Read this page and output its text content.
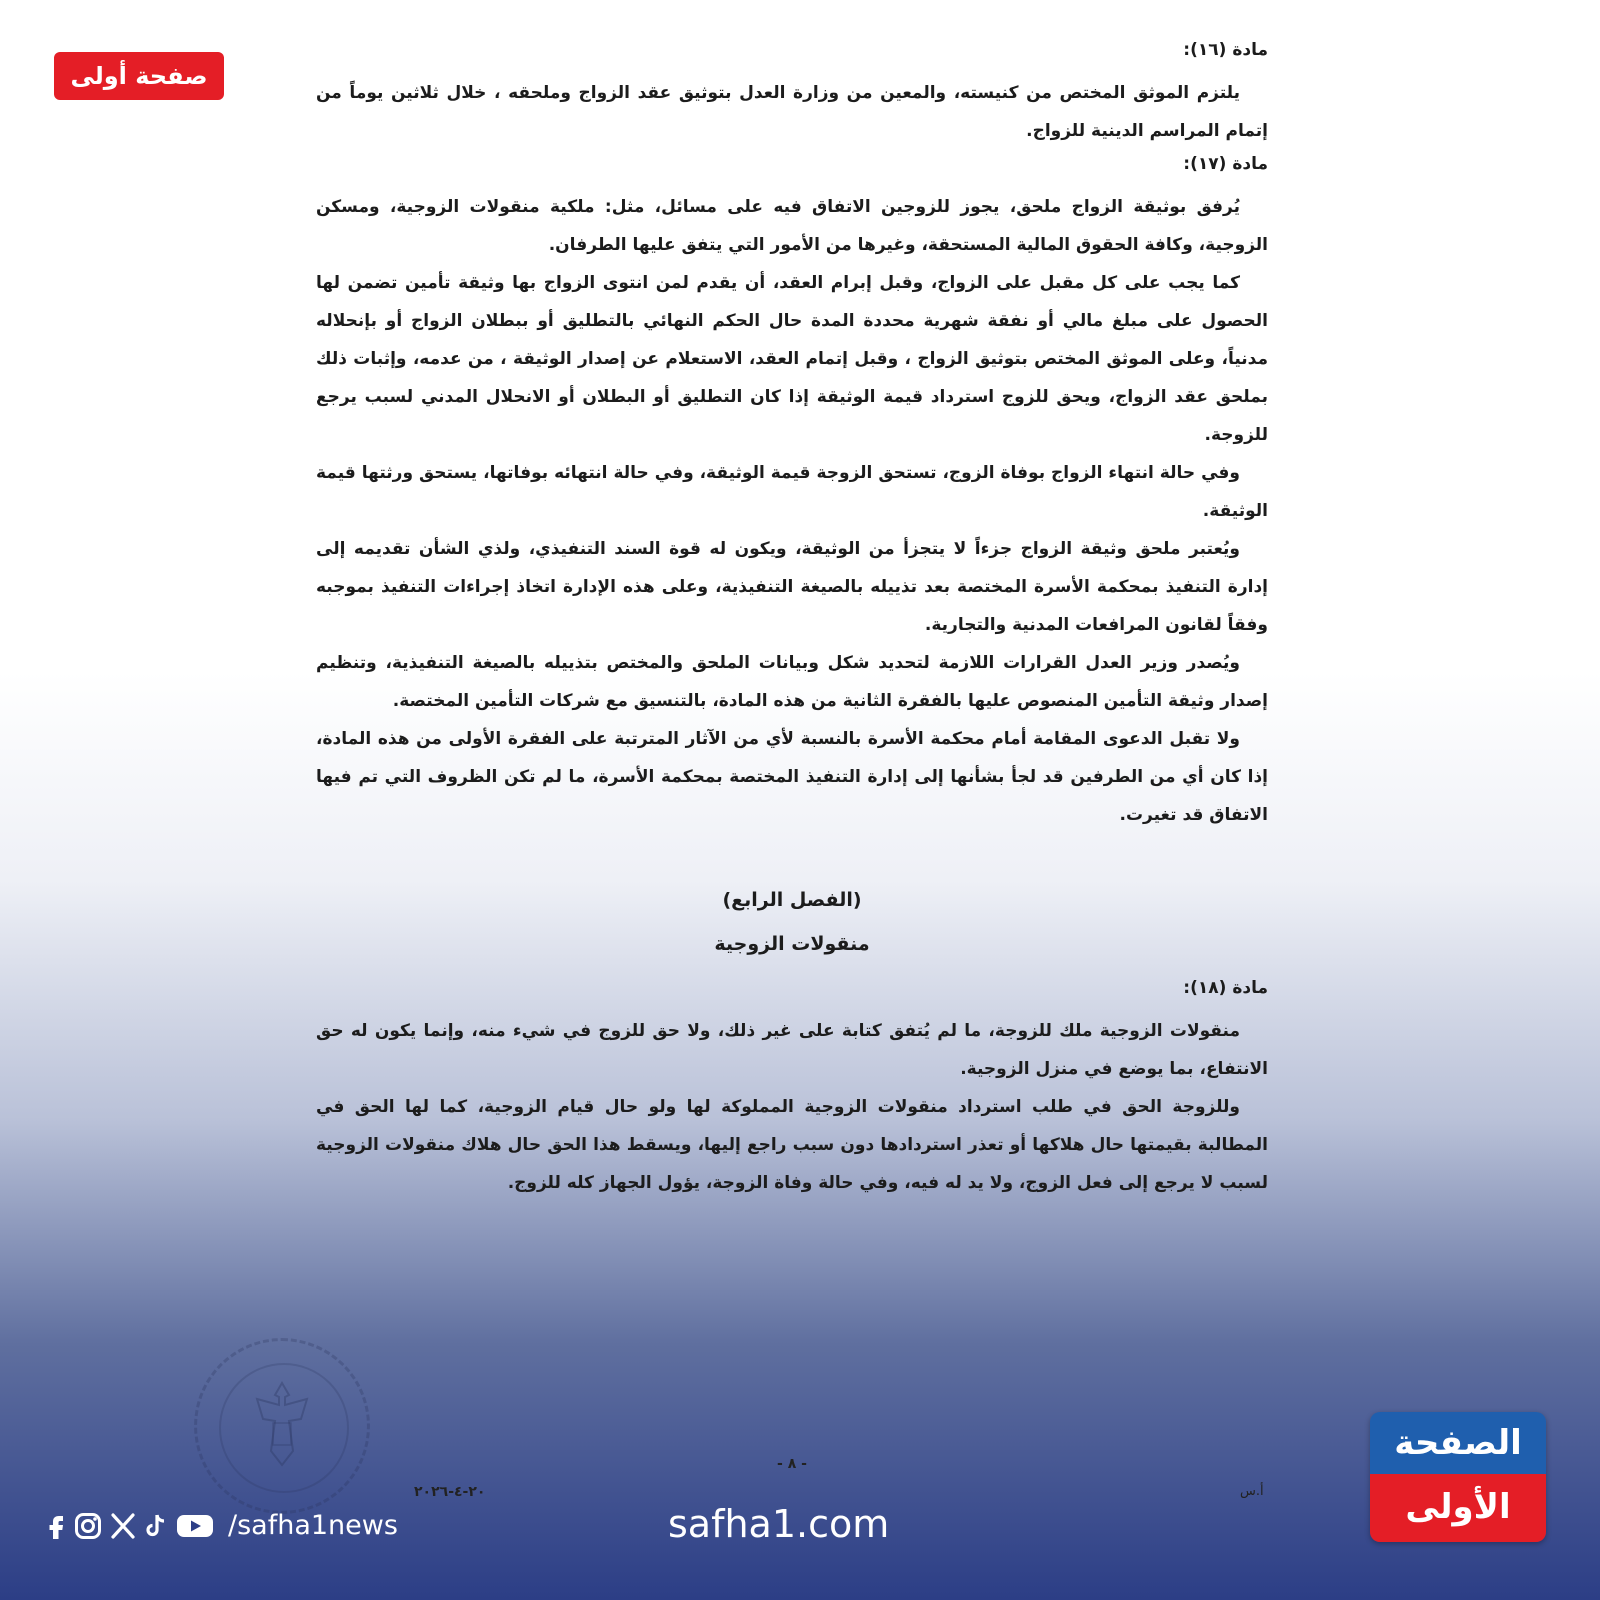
صفحة أولى
مادة (١٦):

يلتزم الموثق المختص من كنيسته، والمعين من وزارة العدل بتوثيق عقد الزواج وملحقه ، خلال ثلاثين يوماً من إتمام المراسم الدينية للزواج.

مادة (١٧):

يُرفق بوثيقة الزواج ملحق، يجوز للزوجين الاتفاق فيه على مسائل، مثل: ملكية منقولات الزوجية، ومسكن الزوجية، وكافة الحقوق المالية المستحقة، وغيرها من الأمور التي يتفق عليها الطرفان.

كما يجب على كل مقبل على الزواج، وقبل إبرام العقد، أن يقدم لمن انتوى الزواج بها وثيقة تأمين تضمن لها الحصول على مبلغ مالي أو نفقة شهرية محددة المدة حال الحكم النهائي بالتطليق أو ببطلان الزواج أو بإنحلاله مدنياً، وعلى الموثق المختص بتوثيق الزواج ، وقبل إتمام العقد، الاستعلام عن إصدار الوثيقة ، من عدمه، وإثبات ذلك بملحق عقد الزواج، ويحق للزوج استرداد قيمة الوثيقة إذا كان التطليق أو البطلان أو الانحلال المدني لسبب يرجع للزوجة.

وفي حالة انتهاء الزواج بوفاة الزوج، تستحق الزوجة قيمة الوثيقة، وفي حالة انتهائه بوفاتها، يستحق ورثتها قيمة الوثيقة.

ويُعتبر ملحق وثيقة الزواج جزءاً لا يتجزأ من الوثيقة، ويكون له قوة السند التنفيذي، ولذي الشأن تقديمه إلى إدارة التنفيذ بمحكمة الأسرة المختصة بعد تذييله بالصيغة التنفيذية، وعلى هذه الإدارة اتخاذ إجراءات التنفيذ بموجبه وفقاً لقانون المرافعات المدنية والتجارية.

ويُصدر وزير العدل القرارات اللازمة لتحديد شكل وبيانات الملحق والمختص بتذييله بالصيغة التنفيذية، وتنظيم إصدار وثيقة التأمين المنصوص عليها بالفقرة الثانية من هذه المادة، بالتنسيق مع شركات التأمين المختصة.

ولا تقبل الدعوى المقامة أمام محكمة الأسرة بالنسبة لأي من الآثار المترتبة على الفقرة الأولى من هذه المادة، إذا كان أي من الطرفين قد لجأ بشأنها إلى إدارة التنفيذ المختصة بمحكمة الأسرة، ما لم تكن الظروف التي تم فيها الاتفاق قد تغيرت.

(الفصل الرابع)

منقولات الزوجية

مادة (١٨):

منقولات الزوجية ملك للزوجة، ما لم يُتفق كتابة على غير ذلك، ولا حق للزوج في شيء منه، وإنما يكون له حق الانتفاع، بما يوضع في منزل الزوجية.

وللزوجة الحق في طلب استرداد منقولات الزوجية المملوكة لها ولو حال قيام الزوجية، كما لها الحق في المطالبة بقيمتها حال هلاكها أو تعذر استردادها دون سبب راجع إليها، ويسقط هذا الحق حال هلاك منقولات الزوجية لسبب لا يرجع إلى فعل الزوج، ولا يد له فيه، وفي حالة وفاة الزوجة، يؤول الجهاز كله للزوج.

- ٨ -
٢٠-٤-٢٠٢٦	أ.س
/safha1news	safha1.com
الصفحة
الأولى
